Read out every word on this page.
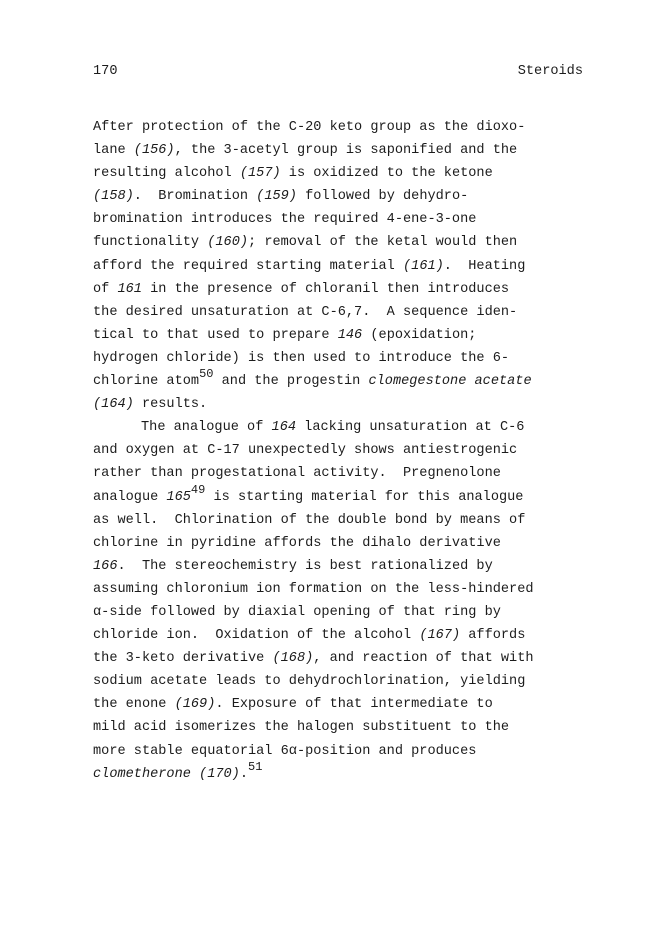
170	Steroids
After protection of the C-20 keto group as the dioxo-
lane (156), the 3-acetyl group is saponified and the
resulting alcohol (157) is oxidized to the ketone
(158).  Bromination (159) followed by dehydro-
bromination introduces the required 4-ene-3-one
functionality (160); removal of the ketal would then
afford the required starting material (161).  Heating
of 161 in the presence of chloranil then introduces
the desired unsaturation at C-6,7.  A sequence iden-
tical to that used to prepare 146 (epoxidation;
hydrogen chloride) is then used to introduce the 6-
chlorine atom$^{50}$ and the progestin clomegestone acetate
(164) results.
The analogue of 164 lacking unsaturation at C-6
and oxygen at C-17 unexpectedly shows antiestrogenic
rather than progestational activity.  Pregnenolone
analogue $165^{49}$ is starting material for this analogue
as well.  Chlorination of the double bond by means of
chlorine in pyridine affords the dihalo derivative
166.  The stereochemistry is best rationalized by
assuming chloronium ion formation on the less-hindered
α-side followed by diaxial opening of that ring by
chloride ion.  Oxidation of the alcohol (167) affords
the 3-keto derivative (168), and reaction of that with
sodium acetate leads to dehydrochlorination, yielding
the enone (169). Exposure of that intermediate to
mild acid isomerizes the halogen substituent to the
more stable equatorial 6α-position and produces
clometherone (170).$^{51}$
